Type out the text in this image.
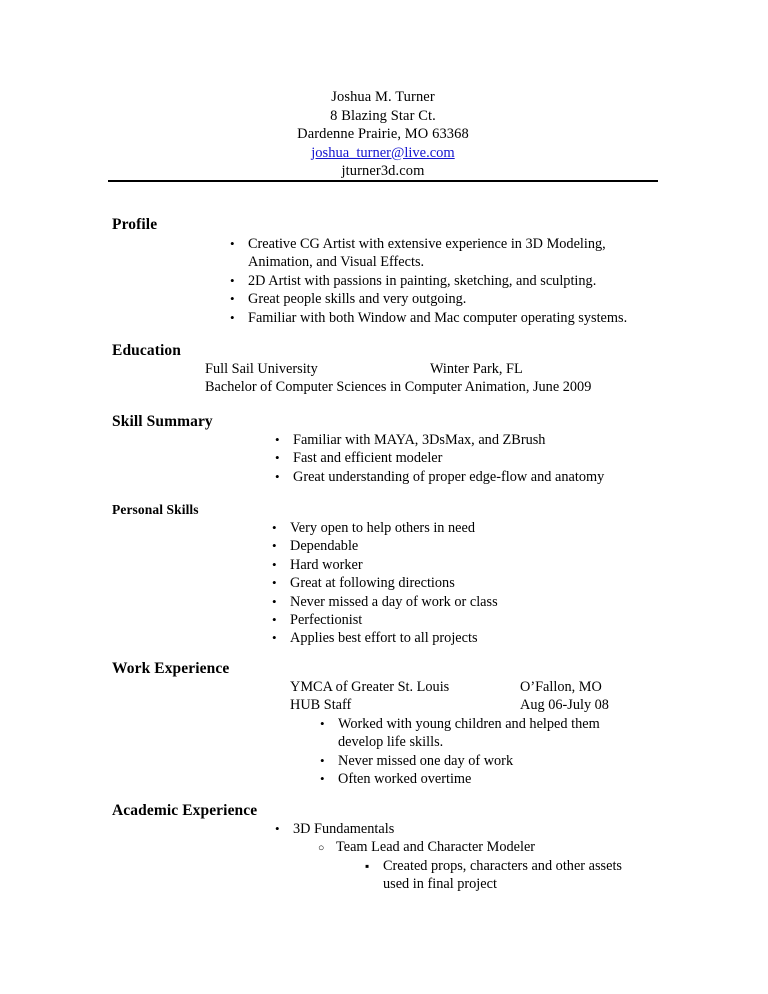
Joshua M. Turner
8 Blazing Star Ct.
Dardenne Prairie, MO 63368
joshua_turner@live.com
jturner3d.com
Profile
•
Creative CG Artist with extensive experience in 3D Modeling, Animation, and Visual Effects.
•
2D Artist with passions in painting, sketching, and sculpting.
•
Great people skills and very outgoing.
•
Familiar with both Window and Mac computer operating systems.
Education
Full Sail University	Winter Park, FL
Bachelor of Computer Sciences in Computer Animation, June 2009
Skill Summary
•
Familiar with MAYA, 3DsMax, and ZBrush
•
Fast and efficient modeler
•
Great understanding of proper edge-flow and anatomy
Personal Skills
•
Very open to help others in need
•
Dependable
•
Hard worker
•
Great at following directions
•
Never missed a day of work or class
•
Perfectionist
•
Applies best effort to all projects
Work Experience
YMCA of Greater St. Louis	O’Fallon, MO
HUB Staff	Aug 06-July 08
•
Worked with young children and helped them develop life skills.
•
Never missed one day of work
•
Often worked overtime
Academic Experience
•
3D Fundamentals
○
Team Lead and Character Modeler
▪
Created props, characters and other assets used in final project
